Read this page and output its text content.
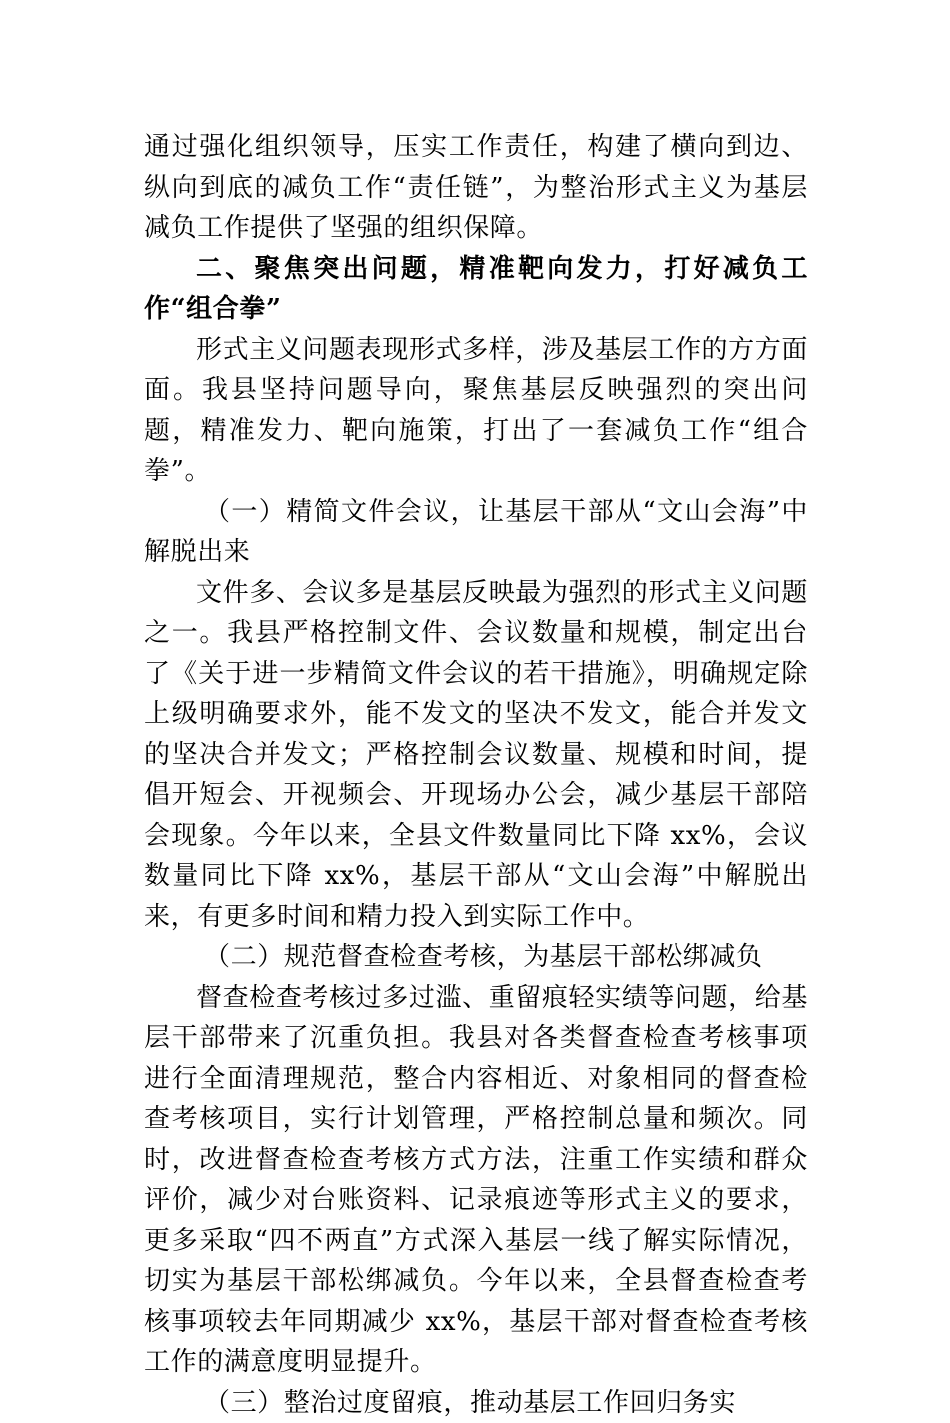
通过强化组织领导，压实工作责任，构建了横向到边、纵向到底的减负工作“责任链”，为整治形式主义为基层减负工作提供了坚强的组织保障。

二、聚焦突出问题，精准靶向发力，打好减负工作“组合拳”

形式主义问题表现形式多样，涉及基层工作的方方面面。我县坚持问题导向，聚焦基层反映强烈的突出问题，精准发力、靶向施策，打出了一套减负工作“组合拳”。

（一）精简文件会议，让基层干部从“文山会海”中解脱出来

文件多、会议多是基层反映最为强烈的形式主义问题之一。我县严格控制文件、会议数量和规模，制定出台了《关于进一步精简文件会议的若干措施》，明确规定除上级明确要求外，能不发文的坚决不发文，能合并发文的坚决合并发文；严格控制会议数量、规模和时间，提倡开短会、开视频会、开现场办公会，减少基层干部陪会现象。今年以来，全县文件数量同比下降 xx%，会议数量同比下降 xx%，基层干部从“文山会海”中解脱出来，有更多时间和精力投入到实际工作中。

（二）规范督查检查考核，为基层干部松绑减负

督查检查考核过多过滥、重留痕轻实绩等问题，给基层干部带来了沉重负担。我县对各类督查检查考核事项进行全面清理规范，整合内容相近、对象相同的督查检查考核项目，实行计划管理，严格控制总量和频次。同时，改进督查检查考核方式方法，注重工作实绩和群众评价，减少对台账资料、记录痕迹等形式主义的要求，更多采取“四不两直”方式深入基层一线了解实际情况，切实为基层干部松绑减负。今年以来，全县督查检查考核事项较去年同期减少 xx%，基层干部对督查检查考核工作的满意度明显提升。

（三）整治过度留痕，推动基层工作回归务实
